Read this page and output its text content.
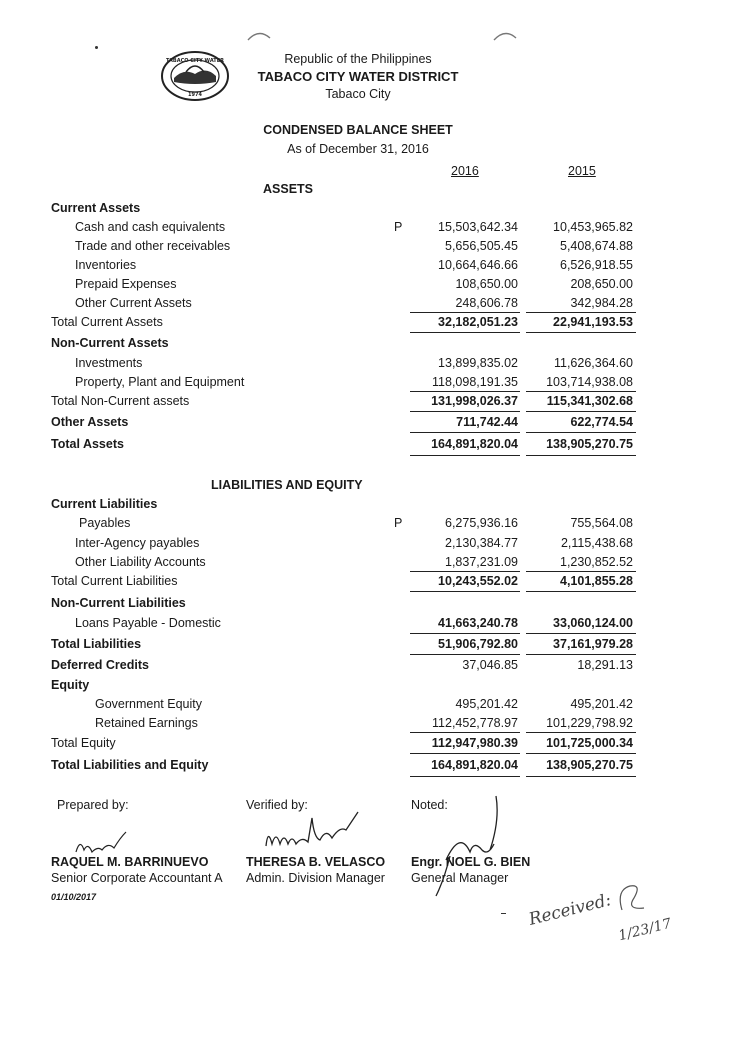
TABACO CITY WATER
1974
Republic of the Philippines
TABACO CITY WATER DISTRICT
Tabaco City
CONDENSED BALANCE SHEET
As of December 31, 2016
2016	2015
ASSETS
Current Assets
P
Cash and cash equivalents	15,503,642.34	10,453,965.82
Trade and other receivables	5,656,505.45	5,408,674.88
Inventories	10,664,646.66	6,526,918.55
Prepaid Expenses	108,650.00	208,650.00
Other Current Assets	248,606.78	342,984.28
Total Current Assets	32,182,051.23	22,941,193.53
Non-Current Assets
Investments	13,899,835.02	11,626,364.60
Property, Plant and Equipment	118,098,191.35	103,714,938.08
Total Non-Current assets	131,998,026.37	115,341,302.68
Other Assets	711,742.44	622,774.54
Total Assets	164,891,820.04	138,905,270.75
LIABILITIES AND EQUITY
Current Liabilities
P
Payables	6,275,936.16	755,564.08
Inter-Agency payables	2,130,384.77	2,115,438.68
Other Liability Accounts	1,837,231.09	1,230,852.52
Total Current Liabilities	10,243,552.02	4,101,855.28
Non-Current Liabilities
Loans Payable - Domestic	41,663,240.78	33,060,124.00
Total Liabilities	51,906,792.80	37,161,979.28
Deferred Credits	37,046.85	18,291.13
Equity
Government Equity	495,201.42	495,201.42
Retained Earnings	112,452,778.97	101,229,798.92
Total Equity	112,947,980.39	101,725,000.34
Total Liabilities and Equity	164,891,820.04	138,905,270.75
Prepared by:	Verified by:	Noted:
RAQUEL M. BARRINUEVO
Senior Corporate Accountant A
01/10/2017
THERESA B. VELASCO
Admin. Division Manager
Engr. NOEL G. BIEN
General Manager
Received:
1/23/17
